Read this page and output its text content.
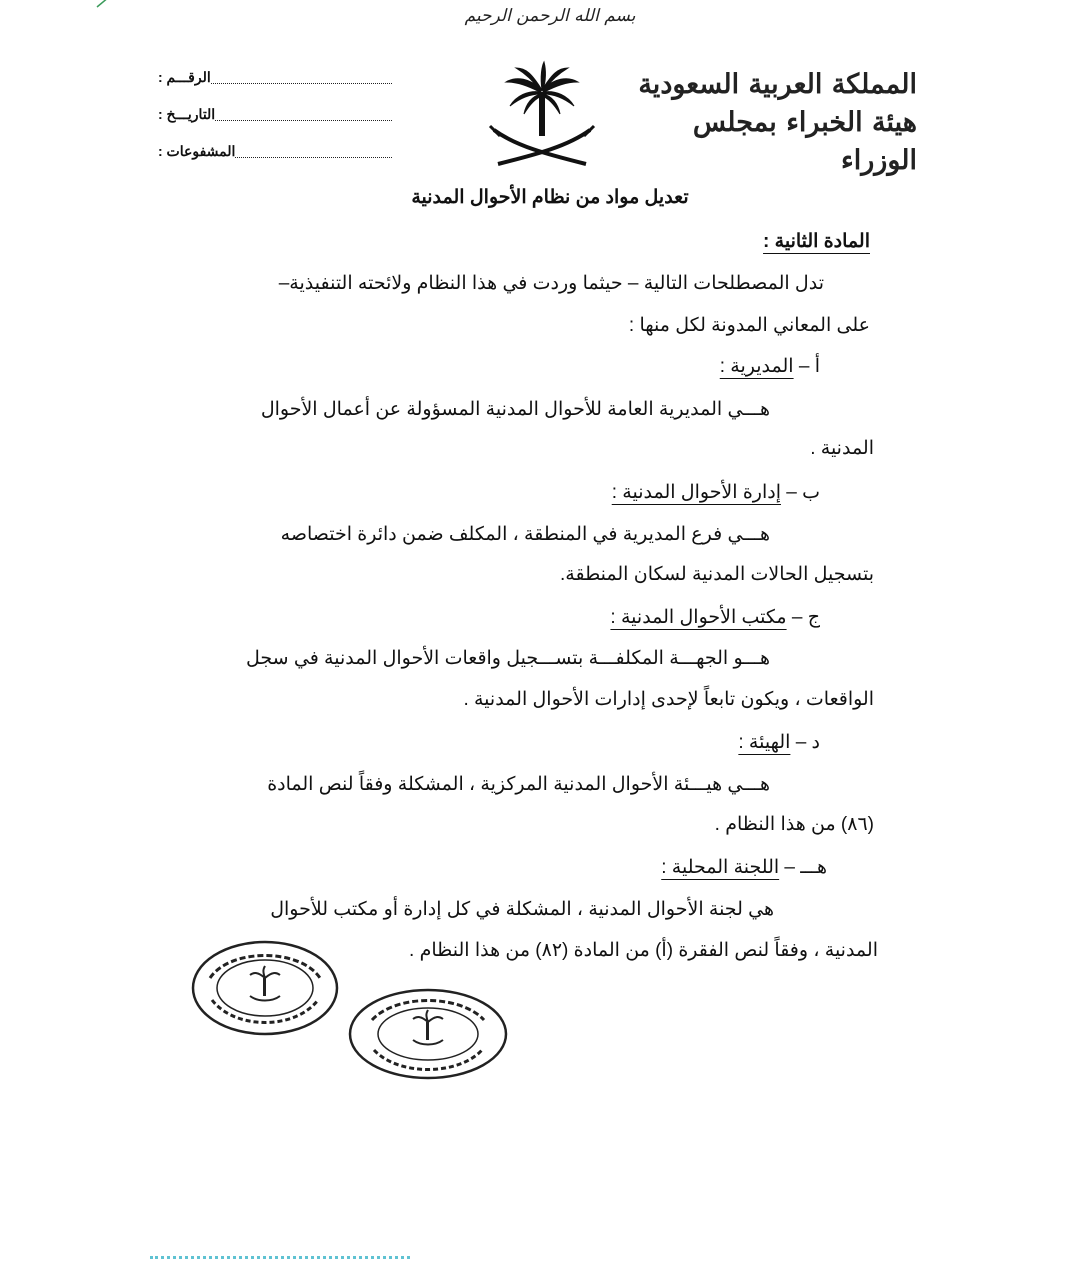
بسم الله الرحمن الرحيم
المملكة العربية السعودية
هيئة الخبراء بمجلس الوزراء
الرقـــم :
التاريـــخ :
المشفوعات :
تعديل مواد من نظام الأحوال المدنية
المادة الثانية :
تدل المصطلحات التالية – حيثما وردت في هذا النظام ولائحته التنفيذية–
على المعاني المدونة لكل منها :
أ – المديرية :
هـــي المديرية العامة للأحوال المدنية المسؤولة عن أعمال الأحوال
المدنية .
ب – إدارة الأحوال المدنية :
هـــي فرع المديرية في المنطقة ، المكلف ضمن دائرة اختصاصه
بتسجيل الحالات المدنية لسكان المنطقة.
ج – مكتب الأحوال المدنية :
هـــو الجهـــة المكلفـــة بتســـجيل واقعات الأحوال المدنية في سجل
الواقعات ، ويكون تابعاً لإحدى إدارات الأحوال المدنية .
د – الهيئة :
هـــي هيـــئة الأحوال المدنية المركزية ، المشكلة وفقاً لنص المادة
(٨٦) من هذا النظام .
هـــ – اللجنة المحلية :
هي لجنة الأحوال المدنية ، المشكلة في كل إدارة أو مكتب للأحوال
المدنية ، وفقاً لنص الفقرة (أ) من المادة (٨٢) من هذا النظام .
